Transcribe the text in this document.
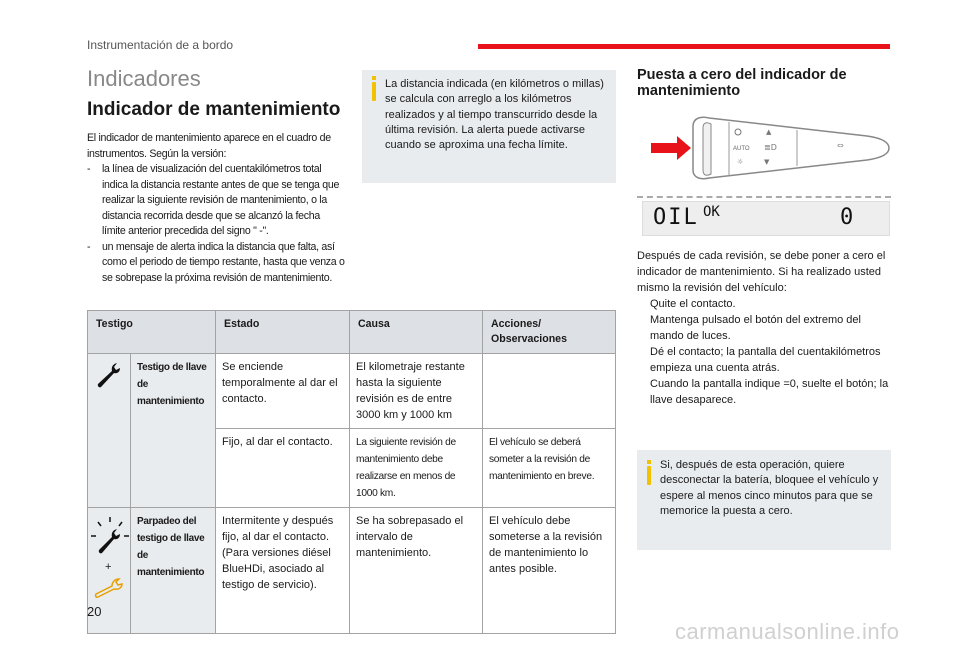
Instrumentación de a bordo
Indicadores
Indicador de mantenimiento
El indicador de mantenimiento aparece en el cuadro de instrumentos. Según la versión:
-	la línea de visualización del cuentakilómetros total indica la distancia restante antes de que se tenga que realizar la siguiente revisión de mantenimiento, o la distancia recorrida desde que se alcanzó la fecha límite anterior precedida del signo " -".
-	un mensaje de alerta indica la distancia que falta, así como el periodo de tiempo restante, hasta que venza o se sobrepase la próxima revisión de mantenimiento.
La distancia indicada (en kilómetros o millas) se calcula con arreglo a los kilómetros realizados y al tiempo transcurrido desde la última revisión. La alerta puede activarse cuando se aproxima una fecha límite.
Puesta a cero del indicador de mantenimiento
AUTO
☼
▲
≣D
▼
⇔
OIL OK	0
Después de cada revisión, se debe poner a cero el indicador de mantenimiento. Si ha realizado usted mismo la revisión del vehículo:
Quite el contacto.
Mantenga pulsado el botón del extremo del mando de luces.
Dé el contacto; la pantalla del cuentakilómetros empieza una cuenta atrás.
Cuando la pantalla indique =0, suelte el botón; la llave desaparece.
Si, después de esta operación, quiere desconectar la batería, bloquee el vehículo y espere al menos cinco minutos para que se memorice la puesta a cero.
Testigo		Estado	Causa	Acciones/ Observaciones

	Testigo de llave de mantenimiento	Se enciende temporalmente al dar el contacto.	El kilometraje restante hasta la siguiente revisión es de entre 3000 km y 1000 km	
		Fijo, al dar el contacto.	La siguiente revisión de mantenimiento debe realizarse en menos de 1000 km.	El vehículo se deberá someter a la revisión de mantenimiento en breve.

+	Parpadeo del testigo de llave de mantenimiento	Intermitente y después fijo, al dar el contacto. (Para versiones diésel BlueHDi, asociado al testigo de servicio).	Se ha sobrepasado el intervalo de mantenimiento.	El vehículo debe someterse a la revisión de mantenimiento lo antes posible.
20
carmanualsonline.info
